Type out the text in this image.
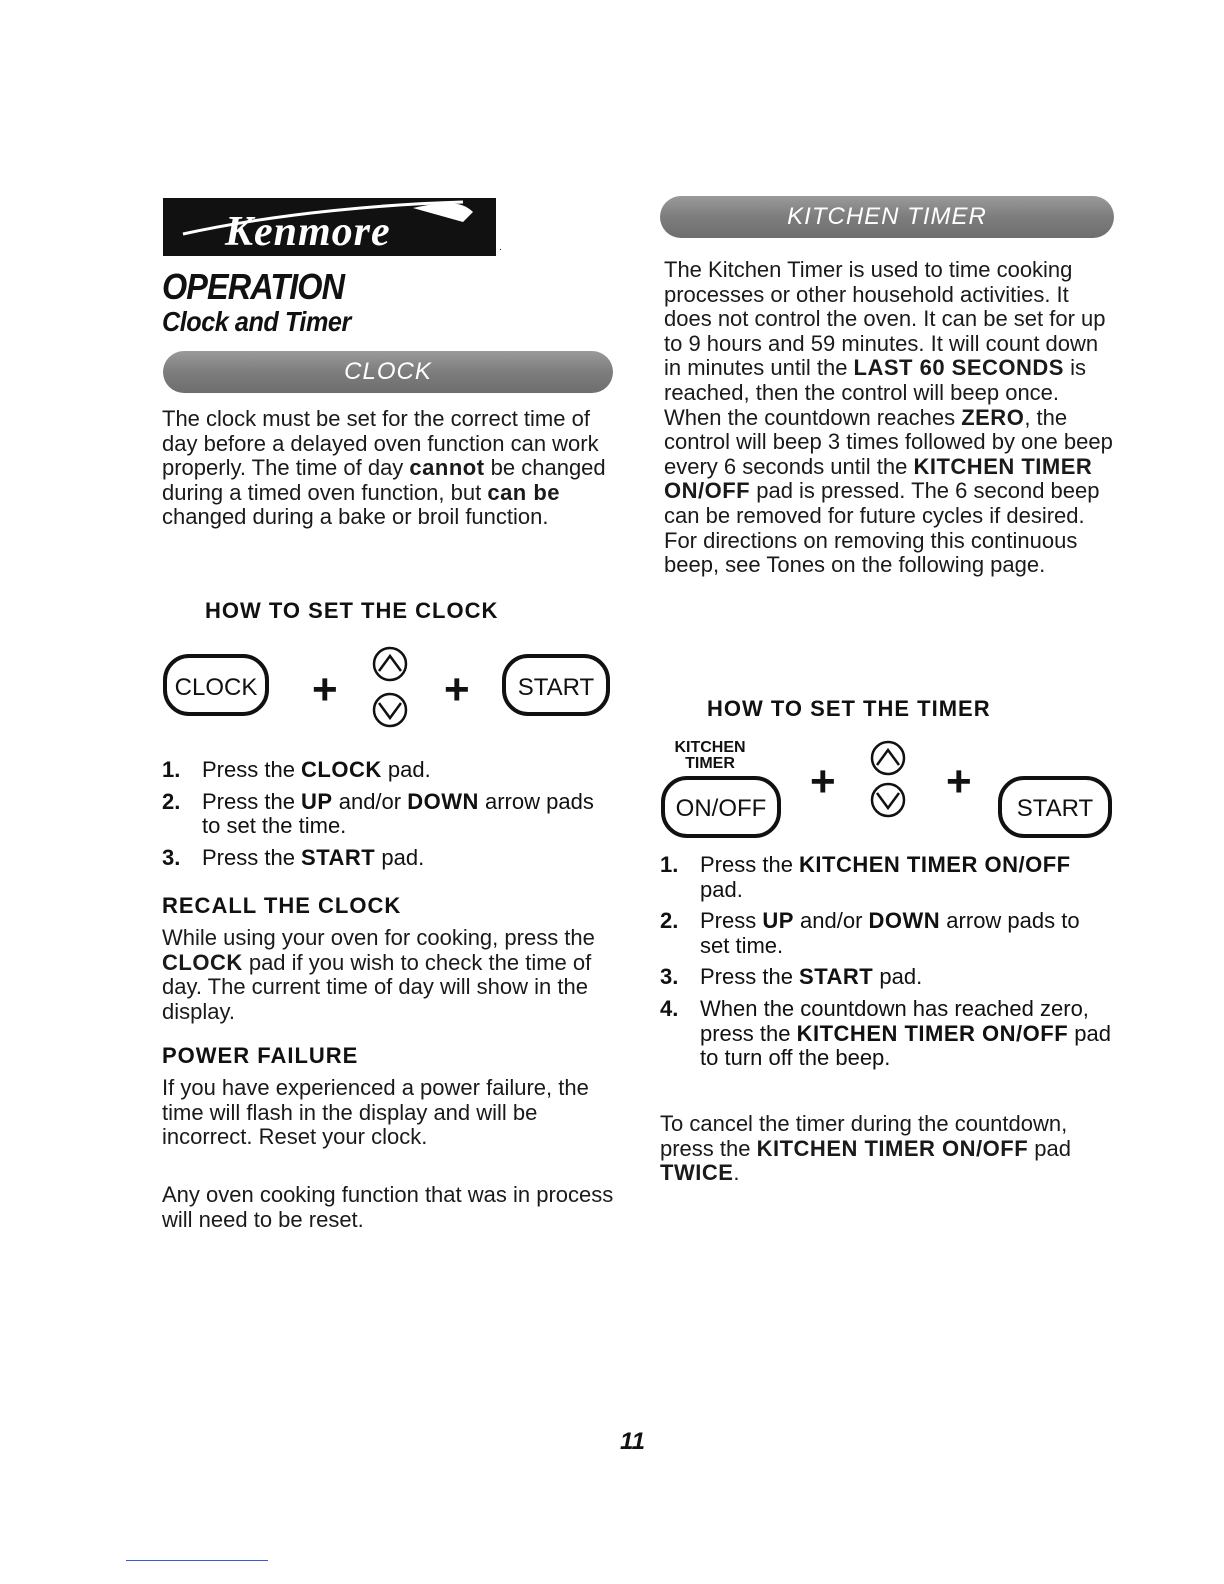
Kenmore	.
OPERATION
Clock and Timer
CLOCK

The clock must be set for the correct time of day before a delayed oven function can work properly. The time of day cannot be changed during a timed oven function, but can be changed during a bake or broil function.

HOW TO SET THE CLOCK
CLOCK + + START
1. Press the CLOCK pad.
2. Press the UP and/or DOWN arrow pads to set the time.
3. Press the START pad.
RECALL THE CLOCK

While using your oven for cooking, press the CLOCK pad if you wish to check the time of day. The current time of day will show in the display.

POWER FAILURE

If you have experienced a power failure, the time will flash in the display and will be incorrect. Reset your clock.

Any oven cooking function that was in process will need to be reset.

KITCHEN TIMER

The Kitchen Timer is used to time cooking processes or other household activities. It does not control the oven. It can be set for up to 9 hours and 59 minutes. It will count down in minutes until the LAST 60 SECONDS is reached, then the control will beep once. When the countdown reaches ZERO, the control will beep 3 times followed by one beep every 6 seconds until the KITCHEN TIMER ON/OFF pad is pressed. The 6 second beep can be removed for future cycles if desired. For directions on removing this continuous beep, see Tones on the following page.

HOW TO SET THE TIMER
KITCHEN
TIMER
ON/OFF
+	+
START
1. Press the KITCHEN TIMER ON/OFF pad.
2. Press UP and/or DOWN arrow pads to set time.
3. Press the START pad.
4. When the countdown has reached zero, press the KITCHEN TIMER ON/OFF pad to turn off the beep.

To cancel the timer during the countdown, press the KITCHEN TIMER ON/OFF pad TWICE.

11
